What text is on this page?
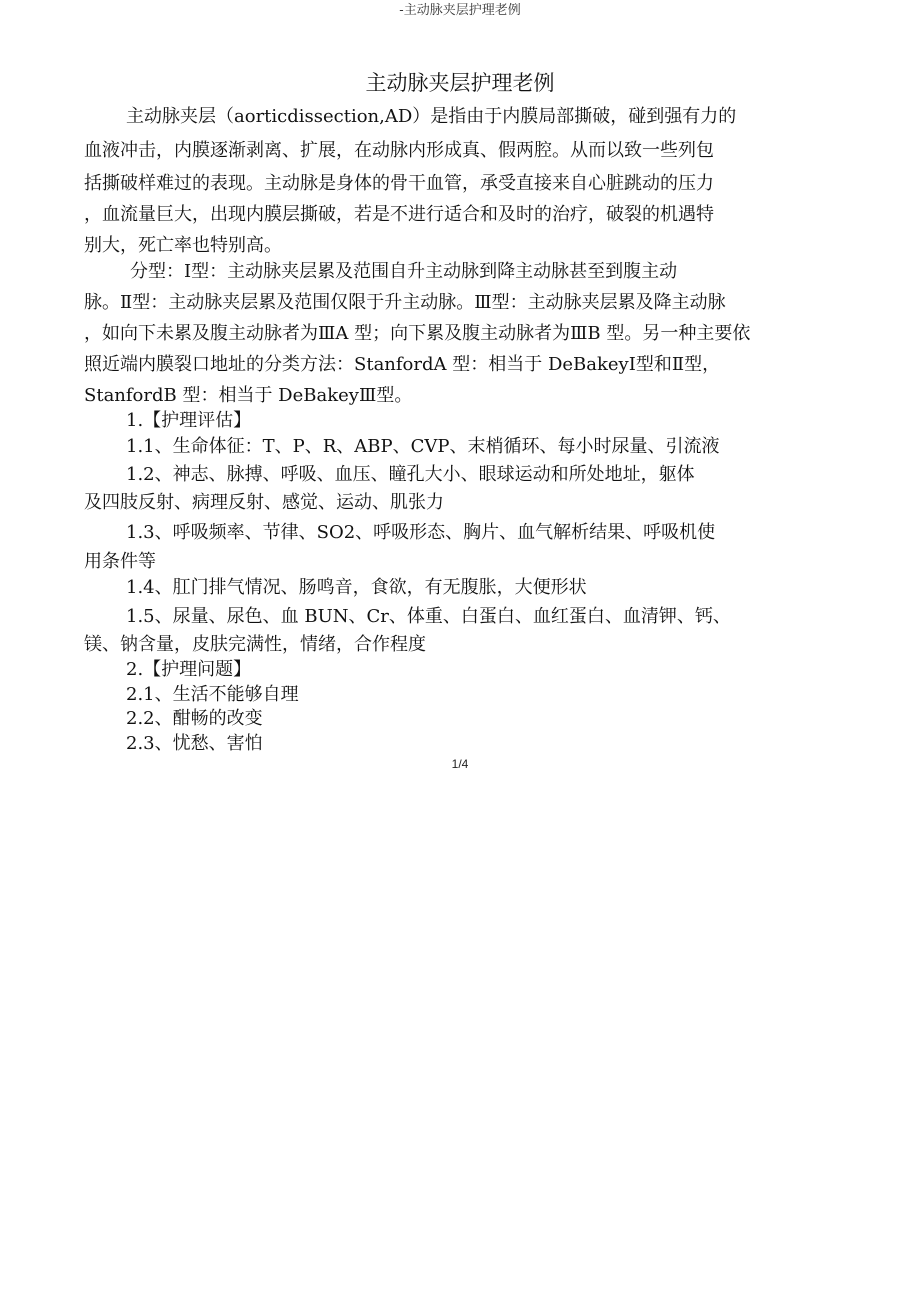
-主动脉夹层护理老例
主动脉夹层护理老例
主动脉夹层（aorticdissection,AD）是指由于内膜局部撕破，碰到强有力的
血液冲击，内膜逐渐剥离、扩展，在动脉内形成真、假两腔。从而以致一些列包
括撕破样难过的表现。主动脉是身体的骨干血管，承受直接来自心脏跳动的压力
，血流量巨大，出现内膜层撕破，若是不进行适合和及时的治疗，破裂的机遇特
别大，死亡率也特别高。
分型：Ⅰ型：主动脉夹层累及范围自升主动脉到降主动脉甚至到腹主动
脉。Ⅱ型：主动脉夹层累及范围仅限于升主动脉。Ⅲ型：主动脉夹层累及降主动脉
，如向下未累及腹主动脉者为ⅢA 型；向下累及腹主动脉者为ⅢB 型。另一种主要依
照近端内膜裂口地址的分类方法：StanfordA 型：相当于 DeBakeyⅠ型和Ⅱ型，
StanfordB 型：相当于 DeBakeyⅢ型。
1.【护理评估】
1.1、生命体征：T、P、R、ABP、CVP、末梢循环、每小时尿量、引流液
1.2、神志、脉搏、呼吸、血压、瞳孔大小、眼球运动和所处地址，躯体
及四肢反射、病理反射、感觉、运动、肌张力
1.3、呼吸频率、节律、SO2、呼吸形态、胸片、血气解析结果、呼吸机使
用条件等
1.4、肛门排气情况、肠鸣音，食欲，有无腹胀，大便形状
1.5、尿量、尿色、血 BUN、Cr、体重、白蛋白、血红蛋白、血清钾、钙、
镁、钠含量，皮肤完满性，情绪，合作程度
2.【护理问题】
2.1、生活不能够自理
2.2、酣畅的改变
2.3、忧愁、害怕
1/4
